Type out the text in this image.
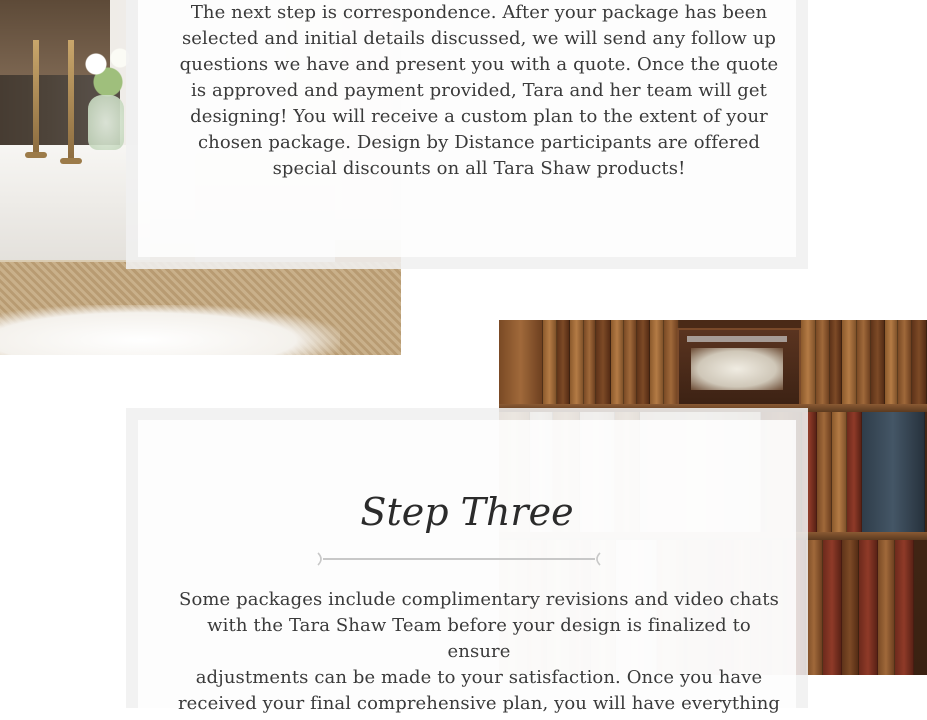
The next step is correspondence. After your package has been
selected and initial details discussed, we will send any follow up
questions we have and present you with a quote. Once the quote
is approved and payment provided, Tara and her team will get
designing! You will receive a custom plan to the extent of your
chosen package. Design by Distance participants are offered
special discounts on all Tara Shaw products!

Step Three

Some packages include complimentary revisions and video chats
with the Tara Shaw Team before your design is finalized to ensure
adjustments can be made to your satisfaction. Once you have
received your final comprehensive plan, you will have everything
